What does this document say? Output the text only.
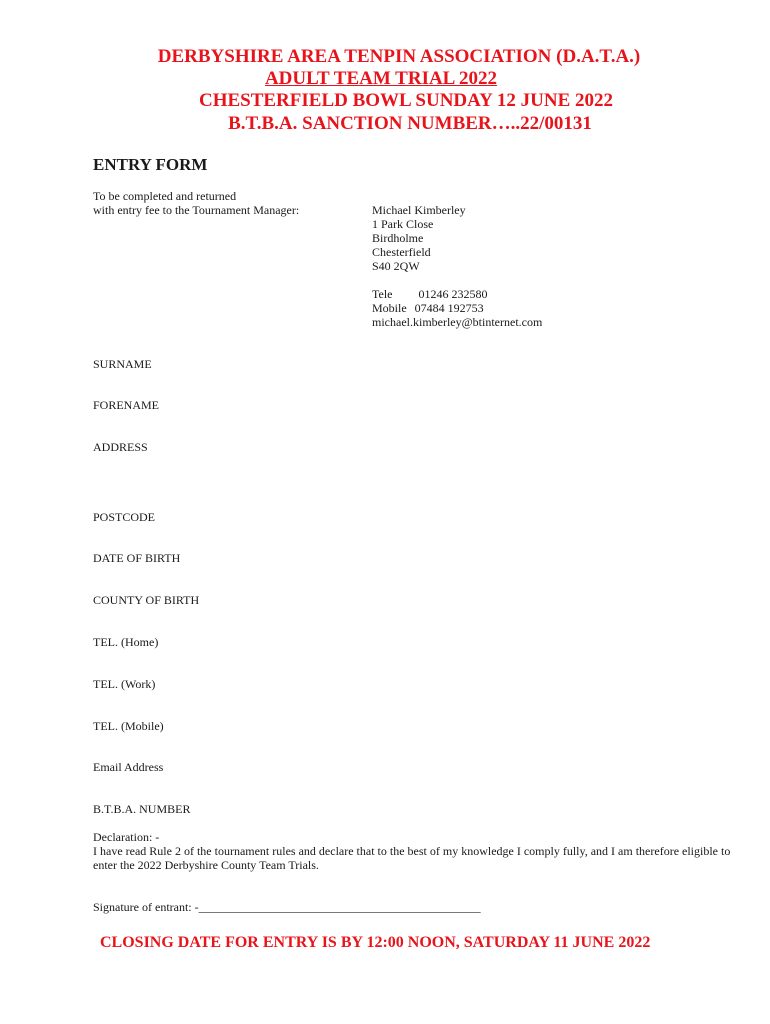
DERBYSHIRE AREA TENPIN ASSOCIATION (D.A.T.A.)
ADULT TEAM TRIAL 2022
CHESTERFIELD BOWL SUNDAY 12 JUNE 2022
B.T.B.A. SANCTION NUMBER…..22/00131
ENTRY FORM
To be completed and returned
with entry fee to the Tournament Manager:	Michael Kimberley
1 Park Close
Birdholme
Chesterfield
S40 2QW
Tele 01246 232580
Mobile 07484 192753
michael.kimberley@btinternet.com
SURNAME
FORENAME
ADDRESS
POSTCODE
DATE OF BIRTH
COUNTY OF BIRTH
TEL. (Home)
TEL. (Work)
TEL. (Mobile)
Email Address
B.T.B.A. NUMBER
Declaration: -
I have read Rule 2 of the tournament rules and declare that to the best of my knowledge I comply fully, and I am therefore eligible to enter the 2022 Derbyshire County Team Trials.
Signature of entrant: -_______________________________________________
CLOSING DATE FOR ENTRY IS BY 12:00 NOON, SATURDAY 11 JUNE 2022
